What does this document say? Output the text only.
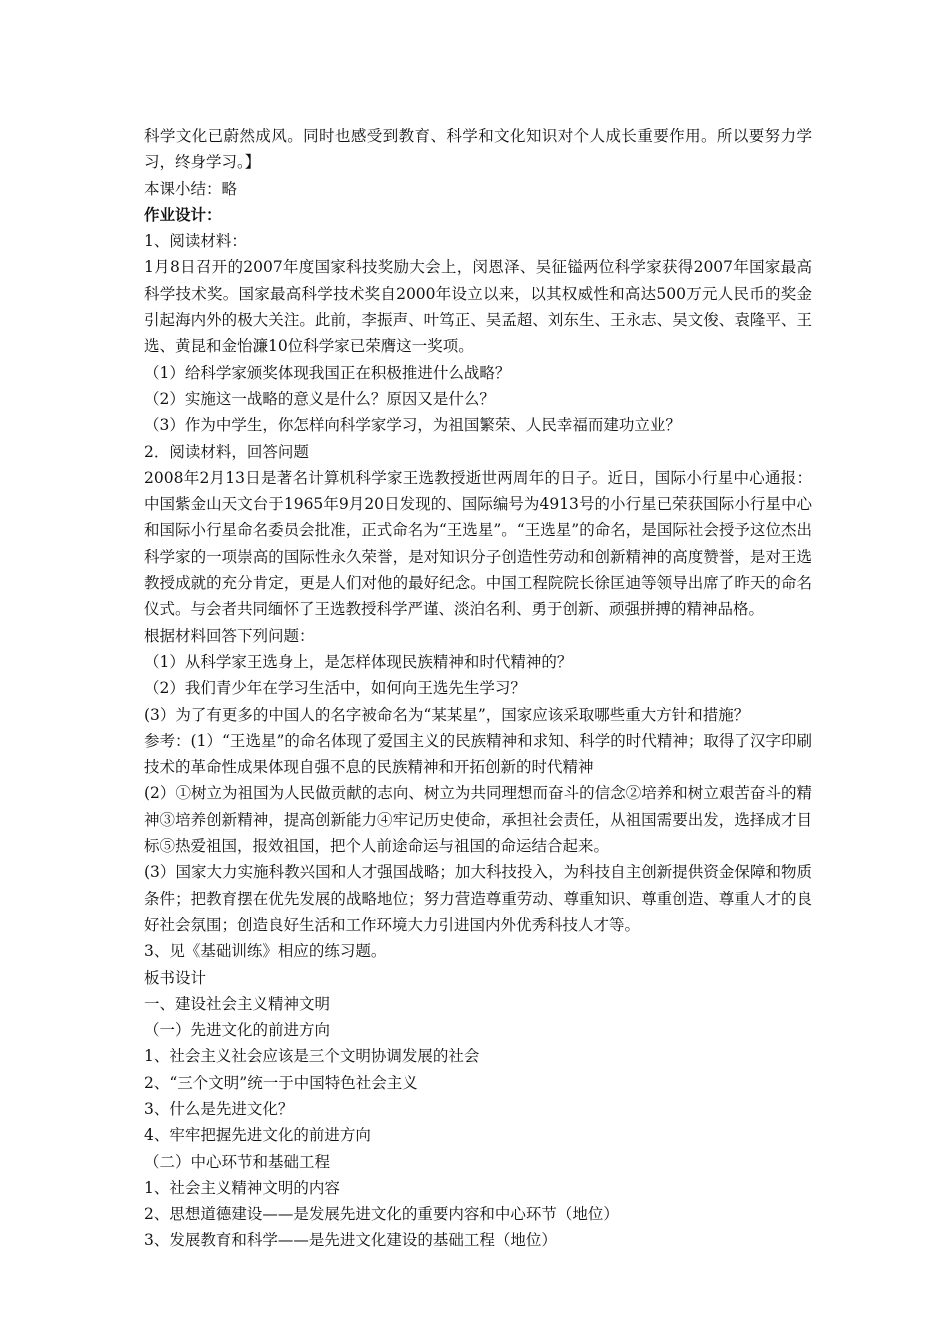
科学文化已蔚然成风。同时也感受到教育、科学和文化知识对个人成长重要作用。所以要努力学习，终身学习。】

本课小结：略

作业设计：

1、阅读材料：

1月8日召开的2007年度国家科技奖励大会上，闵恩泽、吴征镒两位科学家获得2007年国家最高科学技术奖。国家最高科学技术奖自2000年设立以来，以其权威性和高达500万元人民币的奖金引起海内外的极大关注。此前，李振声、叶笃正、吴孟超、刘东生、王永志、吴文俊、袁隆平、王选、黄昆和金怡濂10位科学家已荣膺这一奖项。

（1）给科学家颁奖体现我国正在积极推进什么战略？

（2）实施这一战略的意义是什么？原因又是什么？

（3）作为中学生，你怎样向科学家学习，为祖国繁荣、人民幸福而建功立业？

2．阅读材料，回答问题

2008年2月13日是著名计算机科学家王选教授逝世两周年的日子。近日，国际小行星中心通报：中国紫金山天文台于1965年9月20日发现的、国际编号为4913号的小行星已荣获国际小行星中心和国际小行星命名委员会批准，正式命名为“王选星”。“王选星”的命名，是国际社会授予这位杰出科学家的一项崇高的国际性永久荣誉，是对知识分子创造性劳动和创新精神的高度赞誉，是对王选教授成就的充分肯定，更是人们对他的最好纪念。中国工程院院长徐匡迪等领导出席了昨天的命名仪式。与会者共同缅怀了王选教授科学严谨、淡泊名利、勇于创新、顽强拼搏的精神品格。

根据材料回答下列问题：

（1）从科学家王选身上，是怎样体现民族精神和时代精神的？

（2）我们青少年在学习生活中，如何向王选先生学习？

(3）为了有更多的中国人的名字被命名为“某某星”，国家应该采取哪些重大方针和措施？

参考：(1）“王选星”的命名体现了爱国主义的民族精神和求知、科学的时代精神；取得了汉字印刷技术的革命性成果体现自强不息的民族精神和开拓创新的时代精神

(2）①树立为祖国为人民做贡献的志向、树立为共同理想而奋斗的信念②培养和树立艰苦奋斗的精神③培养创新精神，提高创新能力④牢记历史使命，承担社会责任，从祖国需要出发，选择成才目标⑤热爱祖国，报效祖国，把个人前途命运与祖国的命运结合起来。

(3）国家大力实施科教兴国和人才强国战略；加大科技投入，为科技自主创新提供资金保障和物质条件；把教育摆在优先发展的战略地位；努力营造尊重劳动、尊重知识、尊重创造、尊重人才的良好社会氛围；创造良好生活和工作环境大力引进国内外优秀科技人才等。

3、见《基础训练》相应的练习题。

板书设计

一、建设社会主义精神文明

（一）先进文化的前进方向

1、社会主义社会应该是三个文明协调发展的社会

2、“三个文明”统一于中国特色社会主义

3、什么是先进文化？

4、牢牢把握先进文化的前进方向

（二）中心环节和基础工程

1、社会主义精神文明的内容

2、思想道德建设——是发展先进文化的重要内容和中心环节（地位）

3、发展教育和科学——是先进文化建设的基础工程（地位）
